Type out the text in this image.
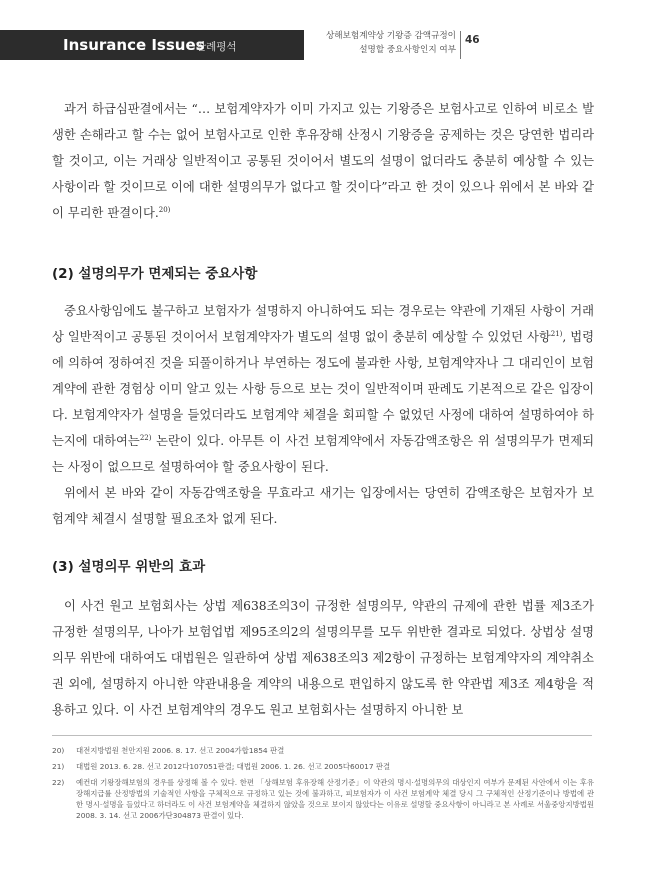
Insurance Issues
판례평석
상해보험계약상 기왕증 감액규정이
설명할 중요사항인지 여부
46

과거 하급심판결에서는 “… 보험계약자가 이미 가지고 있는 기왕증은 보험사고로 인하여 비로소 발생한 손해라고 할 수는 없어 보험사고로 인한 후유장해 산정시 기왕증을 공제하는 것은 당연한 법리라 할 것이고, 이는 거래상 일반적이고 공통된 것이어서 별도의 설명이 없더라도 충분히 예상할 수 있는 사항이라 할 것이므로 이에 대한 설명의무가 없다고 할 것이다”라고 한 것이 있으나 위에서 본 바와 같이 무리한 판결이다.$^{20)}$

(2) 설명의무가 면제되는 중요사항

중요사항임에도 불구하고 보험자가 설명하지 아니하여도 되는 경우로는 약관에 기재된 사항이 거래상 일반적이고 공통된 것이어서 보험계약자가 별도의 설명 없이 충분히 예상할 수 있었던 사항$^{21)}$, 법령에 의하여 정하여진 것을 되풀이하거나 부연하는 정도에 불과한 사항, 보험계약자나 그 대리인이 보험계약에 관한 경험상 이미 알고 있는 사항 등으로 보는 것이 일반적이며 판례도 기본적으로 같은 입장이다. 보험계약자가 설명을 들었더라도 보험계약 체결을 회피할 수 없었던 사정에 대하여 설명하여야 하는지에 대하여는$^{22)}$ 논란이 있다. 아무튼 이 사건 보험계약에서 자동감액조항은 위 설명의무가 면제되는 사정이 없으므로 설명하여야 할 중요사항이 된다.

위에서 본 바와 같이 자동감액조항을 무효라고 새기는 입장에서는 당연히 감액조항은 보험자가 보험계약 체결시 설명할 필요조차 없게 된다.

(3) 설명의무 위반의 효과

이 사건 원고 보험회사는 상법 제638조의3이 규정한 설명의무, 약관의 규제에 관한 법률 제3조가 규정한 설명의무, 나아가 보험업법 제95조의2의 설명의무를 모두 위반한 결과로 되었다. 상법상 설명의무 위반에 대하여도 대법원은 일관하여 상법 제638조의3 제2항이 규정하는 보험계약자의 계약취소권 외에, 설명하지 아니한 약관내용을 계약의 내용으로 편입하지 않도록 한 약관법 제3조 제4항을 적용하고 있다. 이 사건 보험계약의 경우도 원고 보험회사는 설명하지 아니한 보

20)	대전지방법원 천안지원 2006. 8. 17. 선고 2004가합1854 판결
21)	대법원 2013. 6. 28. 선고 2012다107051판결; 대법원 2006. 1. 26. 선고 2005다60017 판결
22)	예컨대 기왕장해보험의 경우를 상정해 볼 수 있다. 한편 「상해보험 후유장해 산정기준」이 약관의 명시·설명의무의 대상인지 여부가 문제된 사안에서 이는 후유장해지급률 산정방법의 기술적인 사항을 구체적으로 규정하고 있는 것에 불과하고, 피보험자가 이 사건 보험계약 체결 당시 그 구체적인 산정기준이나 방법에 관한 명시·설명을 들었다고 하더라도 이 사건 보험계약을 체결하지 않았을 것으로 보이지 않았다는 이유로 설명할 중요사항이 아니라고 본 사례로 서울중앙지방법원 2008. 3. 14. 선고 2006가단304873 판결이 있다.
